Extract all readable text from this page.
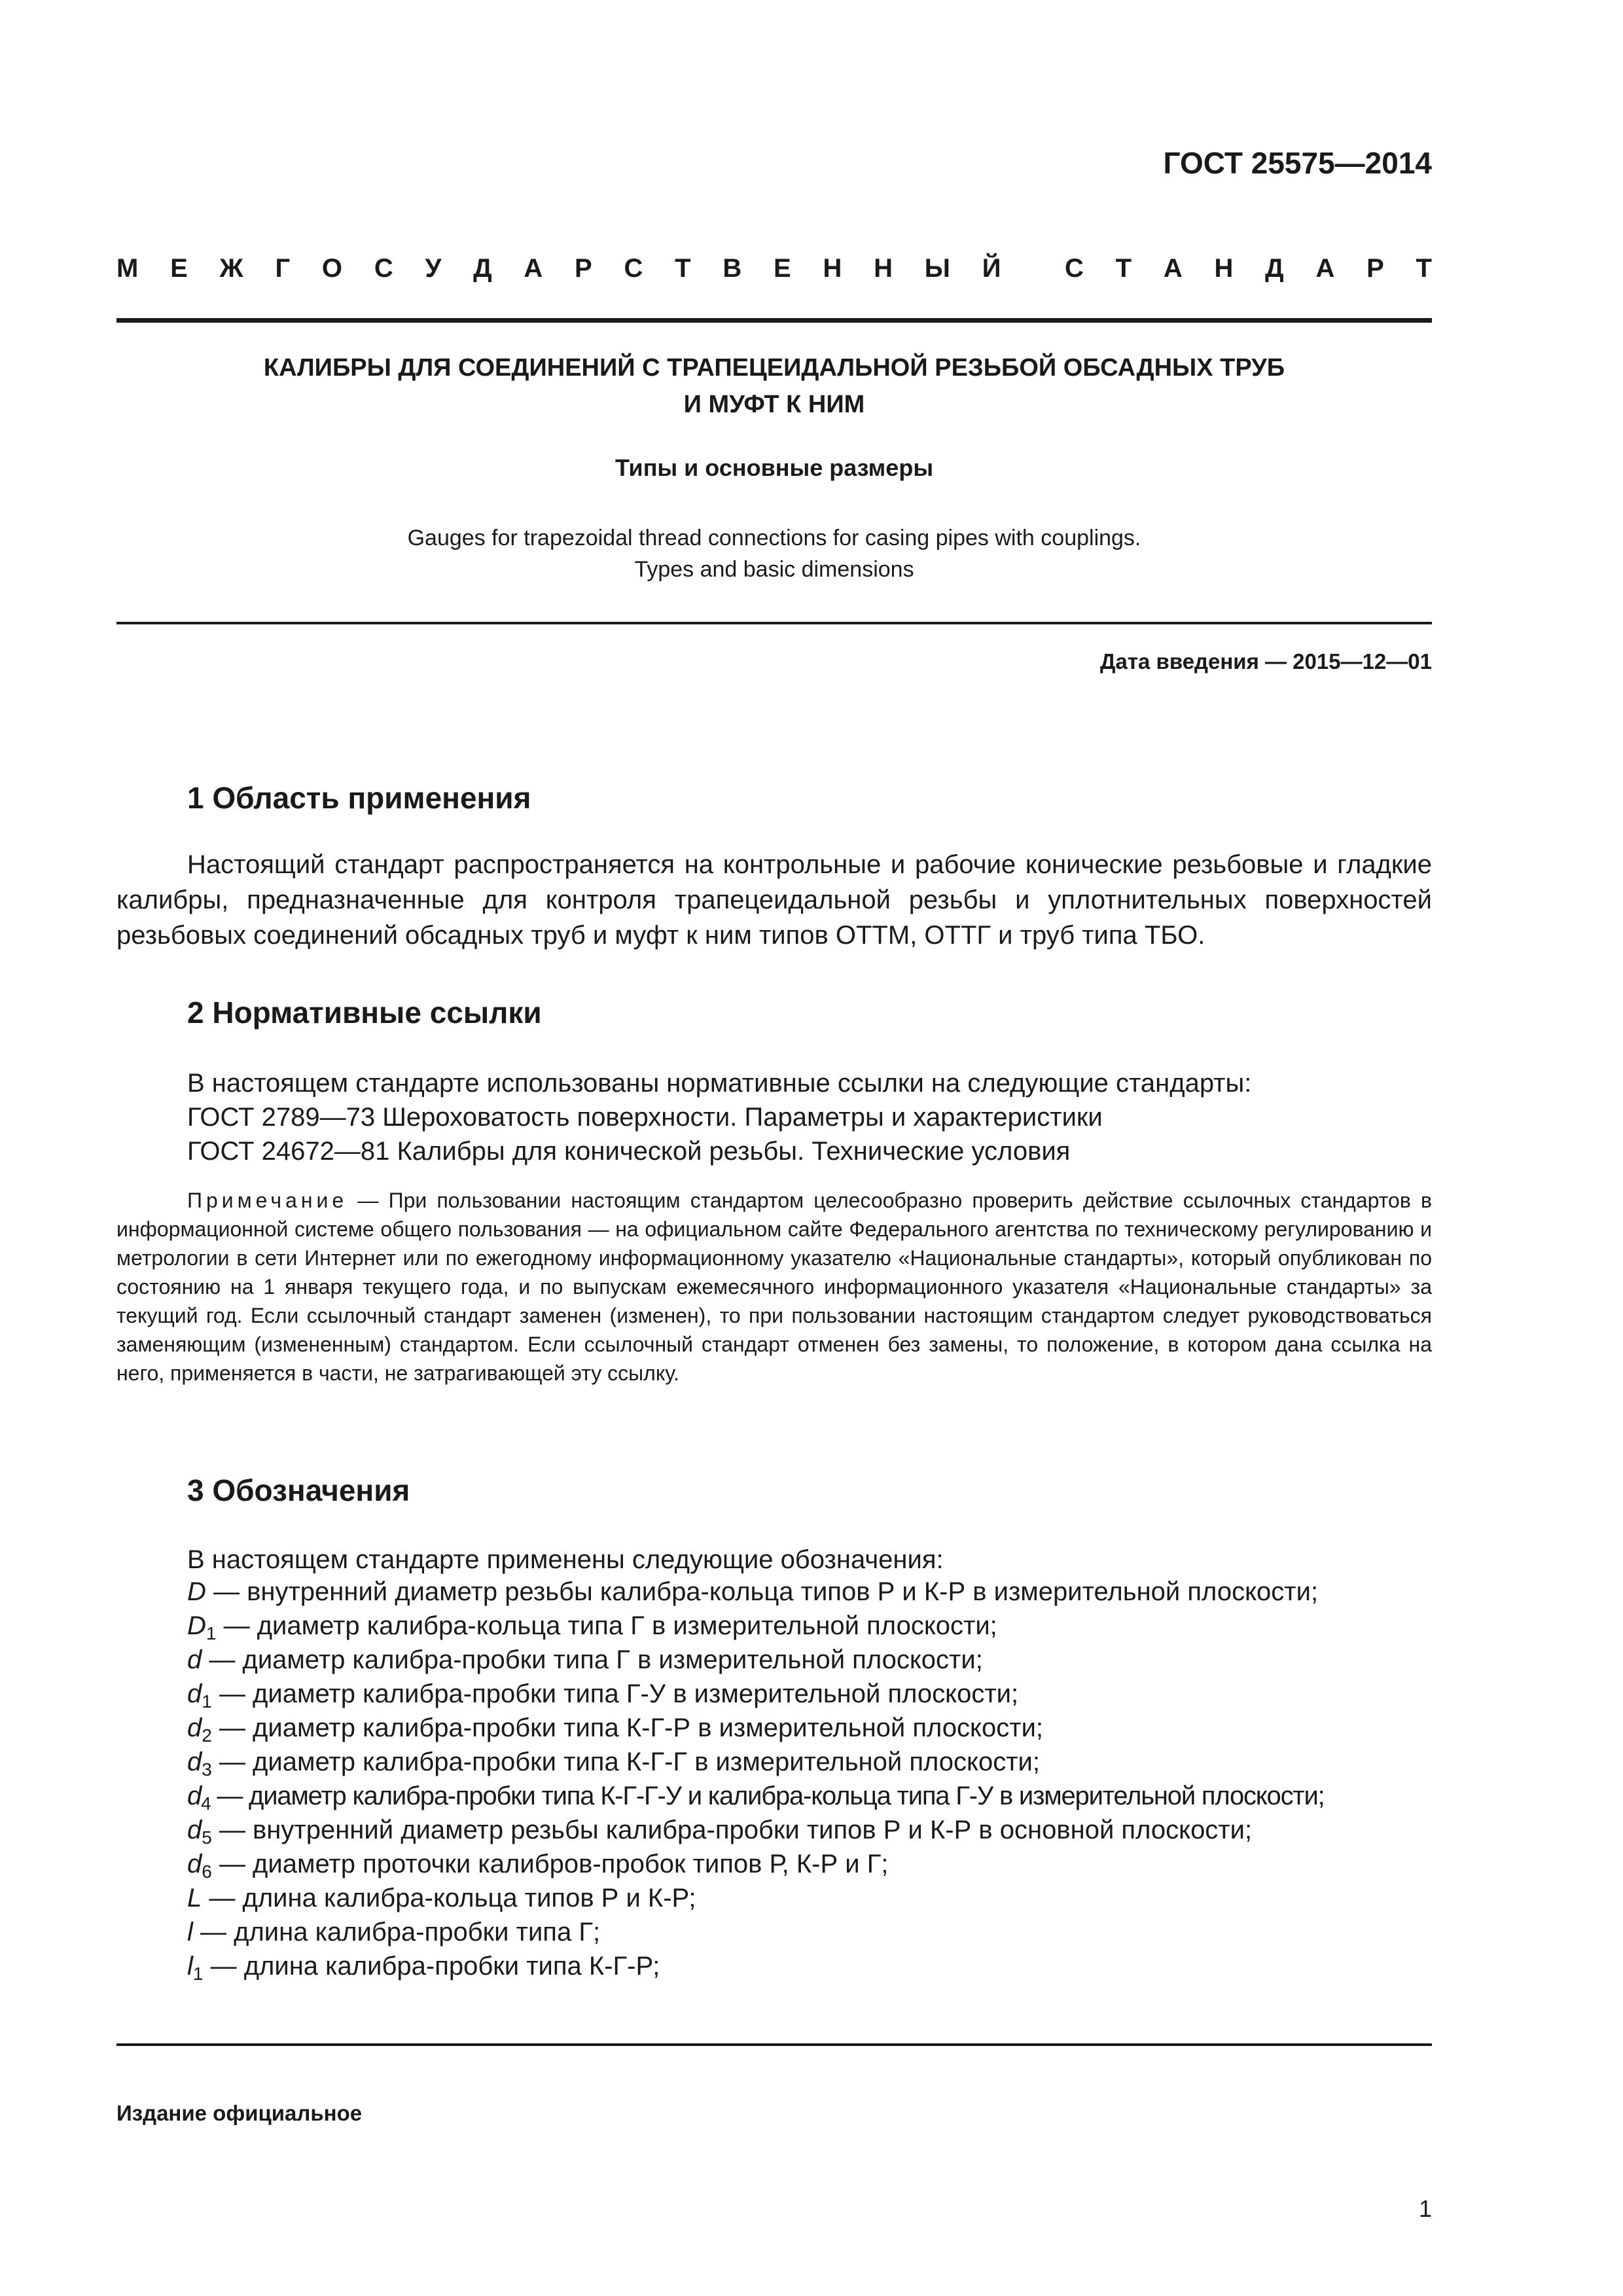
ГОСТ 25575—2014
М Е Ж Г О С У Д А Р С Т В Е Н Н Ы Й С Т А Н Д А Р Т
КАЛИБРЫ ДЛЯ СОЕДИНЕНИЙ С ТРАПЕЦЕИДАЛЬНОЙ РЕЗЬБОЙ ОБСАДНЫХ ТРУБ
И МУФТ К НИМ
Типы и основные размеры
Gauges for trapezoidal thread connections for casing pipes with couplings.
Types and basic dimensions
Дата введения — 2015—12—01
1 Область применения
Настоящий стандарт распространяется на контрольные и рабочие конические резьбовые и гладкие калибры, предназначенные для контроля трапецеидальной резьбы и уплотнительных поверхностей резьбовых соединений обсадных труб и муфт к ним типов ОТТМ, ОТТГ и труб типа ТБО.
2 Нормативные ссылки
В настоящем стандарте использованы нормативные ссылки на следующие стандарты:
ГОСТ 2789—73 Шероховатость поверхности. Параметры и характеристики
ГОСТ 24672—81 Калибры для конической резьбы. Технические условия
Примечание — При пользовании настоящим стандартом целесообразно проверить действие ссылочных стандартов в информационной системе общего пользования — на официальном сайте Федерального агентства по техническому регулированию и метрологии в сети Интернет или по ежегодному информационному указателю «Национальные стандарты», который опубликован по состоянию на 1 января текущего года, и по выпускам ежемесячного информационного указателя «Национальные стандарты» за текущий год. Если ссылочный стандарт заменен (изменен), то при пользовании настоящим стандартом следует руководствоваться заменяющим (измененным) стандартом. Если ссылочный стандарт отменен без замены, то положение, в котором дана ссылка на него, применяется в части, не затрагивающей эту ссылку.
3 Обозначения
В настоящем стандарте применены следующие обозначения:
D — внутренний диаметр резьбы калибра-кольца типов Р и К-Р в измерительной плоскости;
$D_1$ — диаметр калибра-кольца типа Г в измерительной плоскости;
d — диаметр калибра-пробки типа Г в измерительной плоскости;
$d_1$ — диаметр калибра-пробки типа Г-У в измерительной плоскости;
$d_2$ — диаметр калибра-пробки типа К-Г-Р в измерительной плоскости;
$d_3$ — диаметр калибра-пробки типа К-Г-Г в измерительной плоскости;
$d_4$ — диаметр калибра-пробки типа К-Г-Г-У и калибра-кольца типа Г-У в измерительной плоскости;
$d_5$ — внутренний диаметр резьбы калибра-пробки типов Р и К-Р в основной плоскости;
$d_6$ — диаметр проточки калибров-пробок типов Р, К-Р и Г;
L — длина калибра-кольца типов Р и К-Р;
l — длина калибра-пробки типа Г;
$l_1$ — длина калибра-пробки типа К-Г-Р;
Издание официальное
1
